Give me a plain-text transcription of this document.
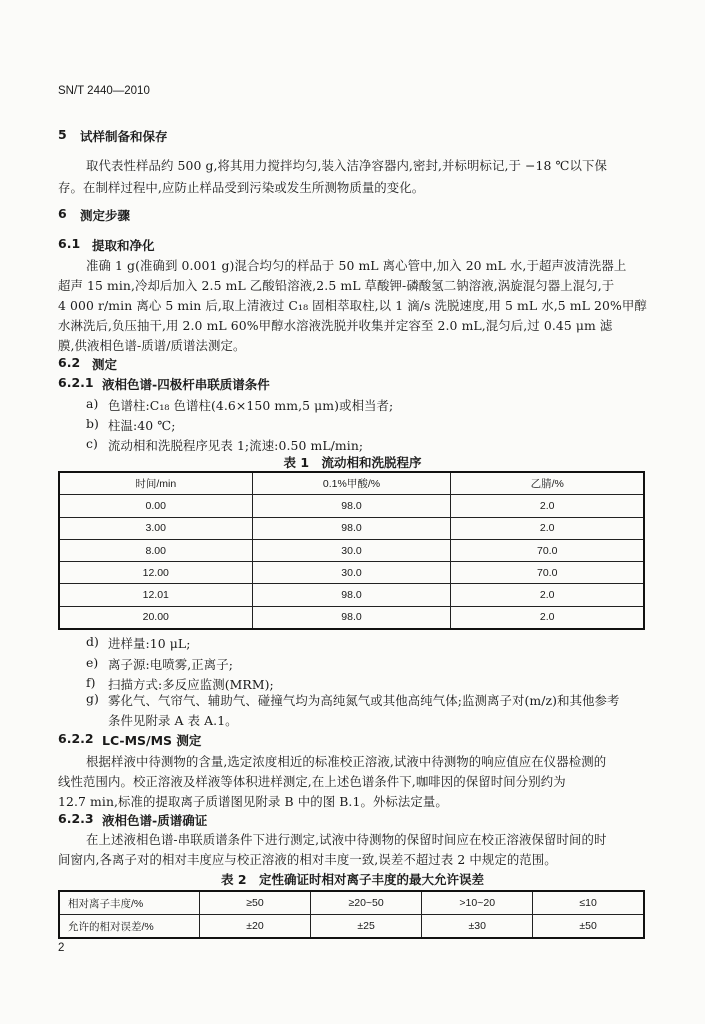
SN/T 2440—2010
5 试样制备和保存
取代表性样品约 500 g,将其用力搅拌均匀,装入洁净容器内,密封,并标明标记,于 −18 ℃以下保
存。在制样过程中,应防止样品受到污染或发生所测物质量的变化。
6 测定步骤
6.1 提取和净化
准确 1 g(准确到 0.001 g)混合均匀的样品于 50 mL 离心管中,加入 20 mL 水,于超声波清洗器上
超声 15 min,冷却后加入 2.5 mL 乙酸铅溶液,2.5 mL 草酸钾-磷酸氢二钠溶液,涡旋混匀器上混匀,于
4 000 r/min 离心 5 min 后,取上清液过 C₁₈ 固相萃取柱,以 1 滴/s 洗脱速度,用 5 mL 水,5 mL 20%甲醇
水淋洗后,负压抽干,用 2.0 mL 60%甲醇水溶液洗脱并收集并定容至 2.0 mL,混匀后,过 0.45 μm 滤
膜,供液相色谱-质谱/质谱法测定。
6.2 测定
6.2.1 液相色谱-四极杆串联质谱条件
a) 色谱柱:C₁₈ 色谱柱(4.6×150 mm,5 μm)或相当者;
b) 柱温:40 ℃;
c) 流动相和洗脱程序见表 1;流速:0.50 mL/min;
表 1　流动相和洗脱程序
时间/min	0.1%甲酸/%	乙腈/%
0.00	98.0	2.0
3.00	98.0	2.0
8.00	30.0	70.0
12.00	30.0	70.0
12.01	98.0	2.0
20.00	98.0	2.0
d) 进样量:10 μL;
e) 离子源:电喷雾,正离子;
f) 扫描方式:多反应监测(MRM);
g) 雾化气、气帘气、辅助气、碰撞气均为高纯氮气或其他高纯气体;监测离子对(m/z)和其他参考
条件见附录 A 表 A.1。
6.2.2 LC-MS/MS 测定
根据样液中待测物的含量,选定浓度相近的标准校正溶液,试液中待测物的响应值应在仪器检测的
线性范围内。校正溶液及样液等体积进样测定,在上述色谱条件下,咖啡因的保留时间分别约为
12.7 min,标准的提取离子质谱图见附录 B 中的图 B.1。外标法定量。
6.2.3 液相色谱-质谱确证
在上述液相色谱-串联质谱条件下进行测定,试液中待测物的保留时间应在校正溶液保留时间的时
间窗内,各离子对的相对丰度应与校正溶液的相对丰度一致,误差不超过表 2 中规定的范围。
表 2　定性确证时相对离子丰度的最大允许误差
相对离子丰度/%	≥50	≥20~50	>10~20	≤10
允许的相对误差/%	±20	±25	±30	±50
2
